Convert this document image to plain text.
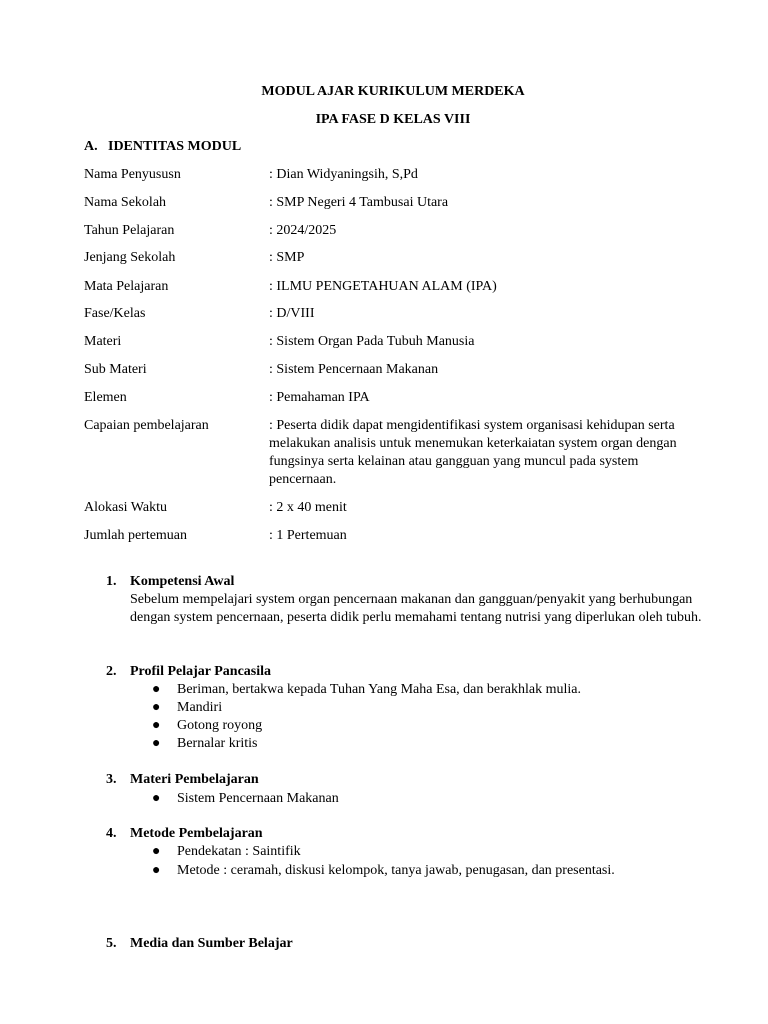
MODUL AJAR KURIKULUM MERDEKA
IPA FASE D KELAS VIII
A. IDENTITAS MODUL
Nama Penyususn	: Dian Widyaningsih, S,Pd
Nama Sekolah	: SMP Negeri 4 Tambusai Utara
Tahun Pelajaran	: 2024/2025
Jenjang Sekolah	: SMP
Mata Pelajaran	: ILMU PENGETAHUAN ALAM (IPA)
Fase/Kelas	: D/VIII
Materi	: Sistem Organ Pada Tubuh Manusia
Sub Materi	: Sistem Pencernaan Makanan
Elemen	: Pemahaman IPA
Capaian pembelajaran	: Peserta didik dapat mengidentifikasi system organisasi kehidupan serta melakukan analisis untuk menemukan keterkaiatan system organ dengan fungsinya serta kelainan atau gangguan yang muncul pada system pencernaan.
Alokasi Waktu	: 2 x 40 menit
Jumlah pertemuan	: 1 Pertemuan
1. Kompetensi Awal
Sebelum mempelajari system organ pencernaan makanan dan gangguan/penyakit yang berhubungan dengan system pencernaan, peserta didik perlu memahami tentang nutrisi yang diperlukan oleh tubuh.
2. Profil Pelajar Pancasila
● Beriman, bertakwa kepada Tuhan Yang Maha Esa, dan berakhlak mulia.
● Mandiri
● Gotong royong
● Bernalar kritis
3. Materi Pembelajaran
● Sistem Pencernaan Makanan
4. Metode Pembelajaran
● Pendekatan : Saintifik
● Metode : ceramah, diskusi kelompok, tanya jawab, penugasan, dan presentasi.
5. Media dan Sumber Belajar
